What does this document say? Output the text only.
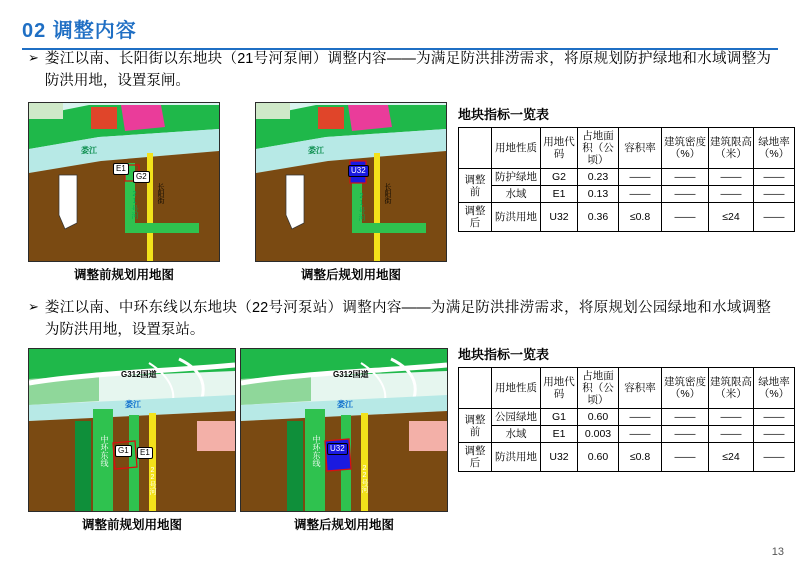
02 调整内容
➢ 娄江以南、长阳街以东地块（21号河泵闸）调整内容——为满足防洪排涝需求，将原规划防护绿地和水域调整为防洪用地，设置泵闸。
娄江
E1
G2
21号河	长阳街
调整前规划用地图
娄江
U32
21号河	长阳街
调整后规划用地图
地块指标一览表
	用地性质	用地代码	占地面积（公顷）	容积率	建筑密度（%）	建筑限高（米）	绿地率（%）
调整前	防护绿地	G2	0.23	——	——	——	——
	水域	E1	0.13	——	——	——	——
调整后	防洪用地	U32	0.36	≤0.8	——	≤24	——
➢ 娄江以南、中环东线以东地块（22号河泵站）调整内容——为满足防洪排涝需求，将原规划公园绿地和水域调整为防洪用地，设置泵站。
G312国道
娄江
中环东线	G1	E1
22号河
调整前规划用地图
G312国道
娄江
中环东线	U32
22号河
调整后规划用地图
地块指标一览表
	用地性质	用地代码	占地面积（公顷）	容积率	建筑密度（%）	建筑限高（米）	绿地率（%）
调整前	公园绿地	G1	0.60	——	——	——	——
	水域	E1	0.003	——	——	——	——
调整后	防洪用地	U32	0.60	≤0.8	——	≤24	——
13
